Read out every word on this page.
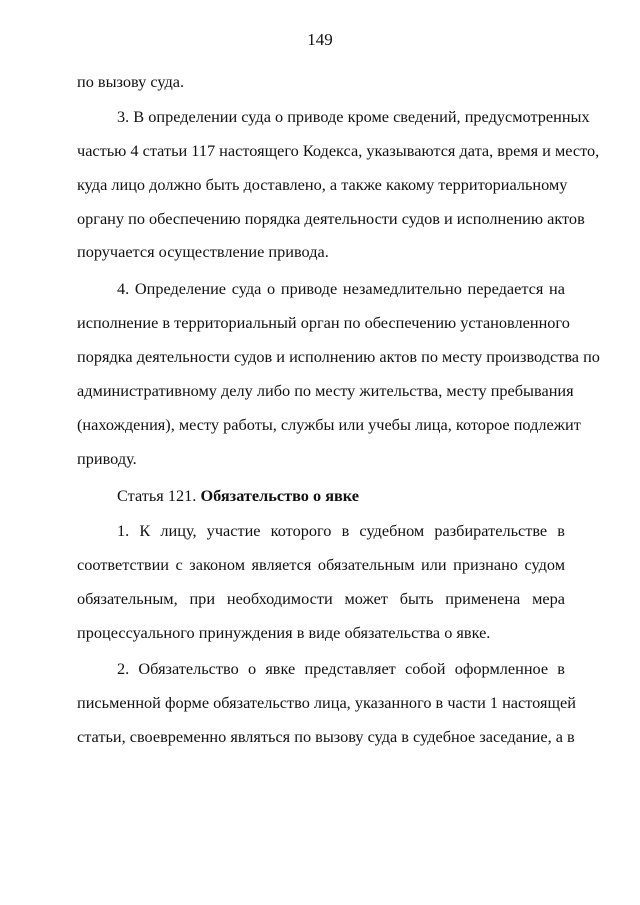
149
по вызову суда.
3. В определении суда о приводе кроме сведений, предусмотренных
частью 4 статьи 117 настоящего Кодекса, указываются дата, время и место,
куда лицо должно быть доставлено, а также какому территориальному
органу по обеспечению порядка деятельности судов и исполнению актов
поручается осуществление привода.
4. Определение суда о приводе незамедлительно передается на
исполнение в территориальный орган по обеспечению установленного
порядка деятельности судов и исполнению актов по месту производства по
административному делу либо по месту жительства, месту пребывания
(нахождения), месту работы, службы или учебы лица, которое подлежит
приводу.
Статья 121. Обязательство о явке
1. К лицу, участие которого в судебном разбирательстве в
соответствии с законом является обязательным или признано судом
обязательным, при необходимости может быть применена мера
процессуального принуждения в виде обязательства о явке.
2. Обязательство о явке представляет собой оформленное в
письменной форме обязательство лица, указанного в части 1 настоящей
статьи, своевременно являться по вызову суда в судебное заседание, а в
